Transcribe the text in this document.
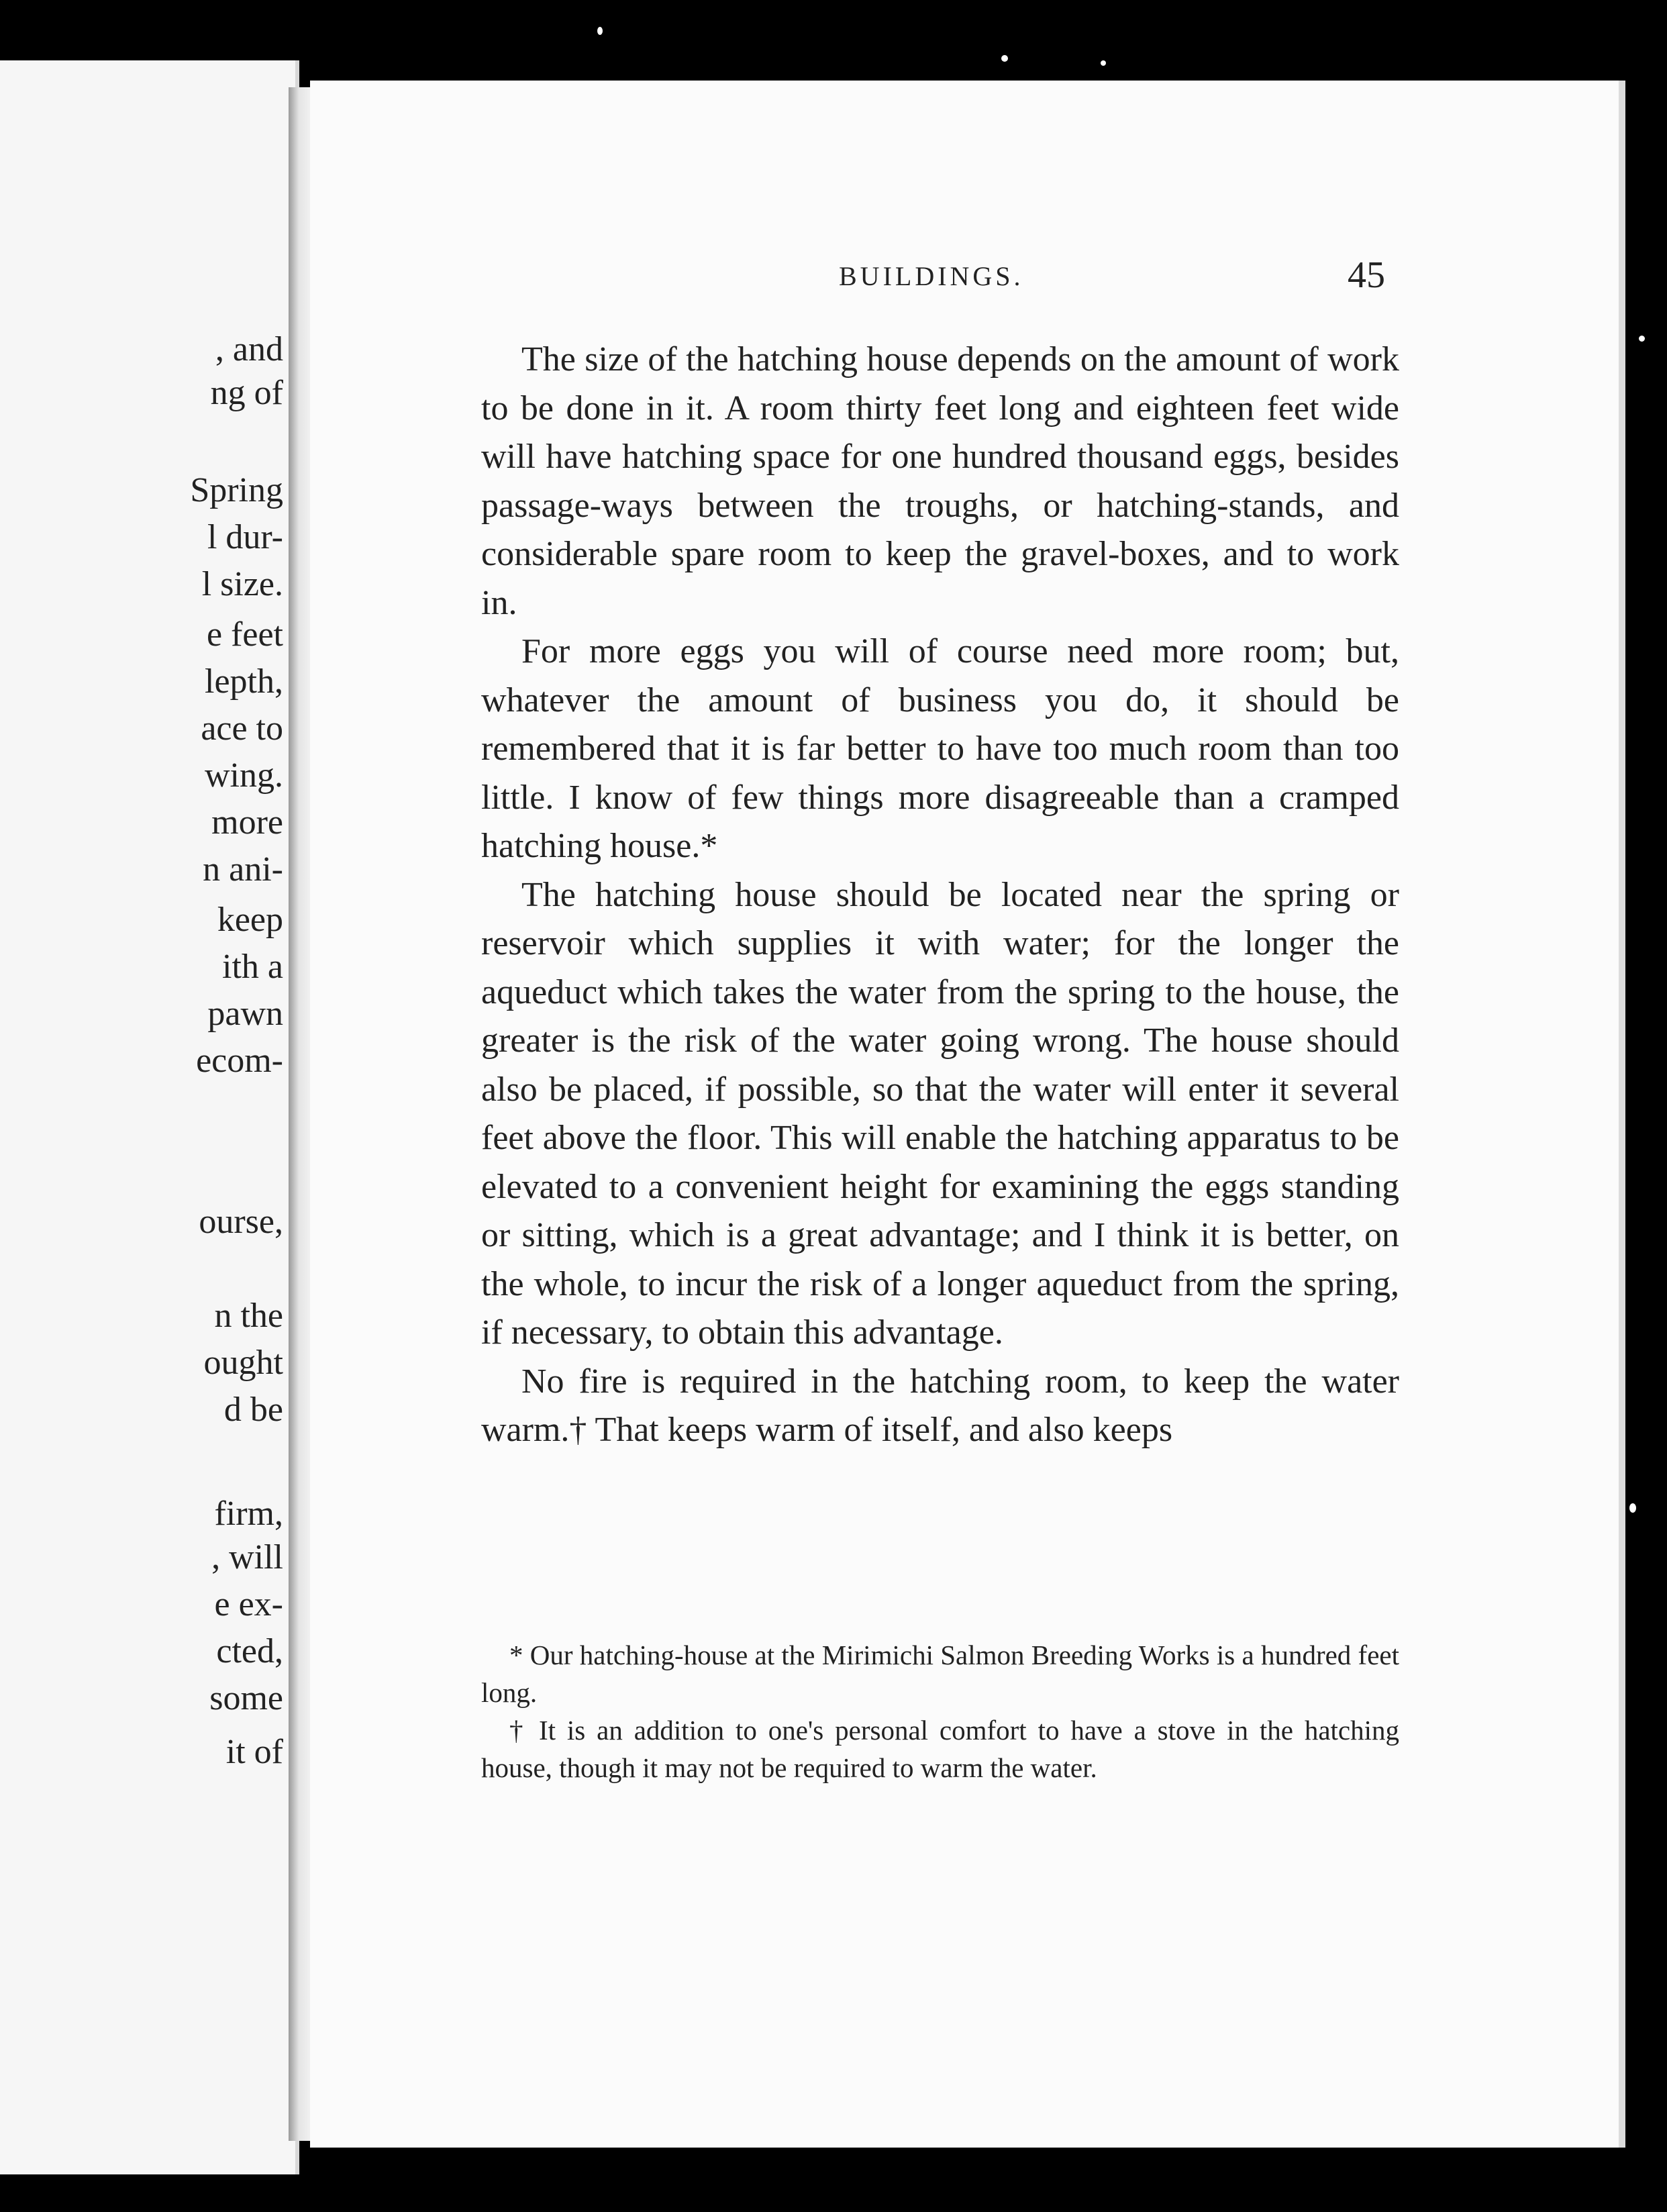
, and
ng of
Spring
l dur-
l size.
e feet
lepth,
ace to
wing.
more
n ani-
keep
ith a
pawn
ecom-
ourse,
n the
ought
d be
firm,
, will
e ex-
cted,
some
it of
BUILDINGS.	45

The size of the hatching house depends on the amount of work to be done in it. A room thirty feet long and eighteen feet wide will have hatching space for one hundred thousand eggs, besides passage-ways between the troughs, or hatching-stands, and considerable spare room to keep the gravel-boxes, and to work in.

For more eggs you will of course need more room; but, whatever the amount of business you do, it should be remembered that it is far better to have too much room than too little. I know of few things more disagreeable than a cramped hatching house.*

The hatching house should be located near the spring or reservoir which supplies it with water; for the longer the aqueduct which takes the water from the spring to the house, the greater is the risk of the water going wrong. The house should also be placed, if possible, so that the water will enter it several feet above the floor. This will enable the hatching apparatus to be elevated to a convenient height for examining the eggs standing or sitting, which is a great advantage; and I think it is better, on the whole, to incur the risk of a longer aqueduct from the spring, if necessary, to obtain this advantage.

No fire is required in the hatching room, to keep the water warm.† That keeps warm of itself, and also keeps

* Our hatching-house at the Mirimichi Salmon Breeding Works is a hundred feet long.

† It is an addition to one's personal comfort to have a stove in the hatching house, though it may not be required to warm the water.
